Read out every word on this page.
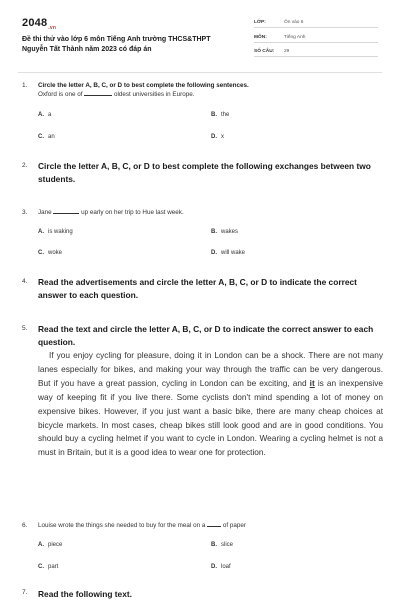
$2048_{.vn}$
Đề thi thử vào lớp 6 môn Tiếng Anh trường THCS&THPT Nguyễn Tất Thành năm 2023 có đáp án
LỚP:	Ôn vào 6
MÔN:	Tiếng Anh
SỐ CÂU:	29
1. Circle the letter A, B, C, or D to best complete the following sentences.
Oxford is one of	oldest universities in Europe.
A. a	B. the
C. an	D. x
2. Circle the letter A, B, C, or D to best complete the following exchanges between two students.
3. Jane	up early on her trip to Hue last week.
A. is waking	B. wakes
C. woke	D. will wake
4. Read the advertisements and circle the letter A, B, C, or D to indicate the correct answer to each question.
5. Read the text and circle the letter A, B, C, or D to indicate the correct answer to each question.
If you enjoy cycling for pleasure, doing it in London can be a shock. There are not many lanes especially for bikes, and making your way through the traffic can be very dangerous. But if you have a great passion, cycling in London can be exciting, and it is an inexpensive way of keeping fit if you live there. Some cyclists don't mind spending a lot of money on expensive bikes. However, if you just want a basic bike, there are many cheap choices at bicycle markets. In most cases, cheap bikes still look good and are in good conditions. You should buy a cycling helmet if you want to cycle in London. Wearing a cycling helmet is not a must in Britain, but it is a good idea to wear one for protection.
6. Louise wrote the things she needed to buy for the meal on a	of paper
A. piece	B. slice
C. part	D. loaf
7. Read the following text.
